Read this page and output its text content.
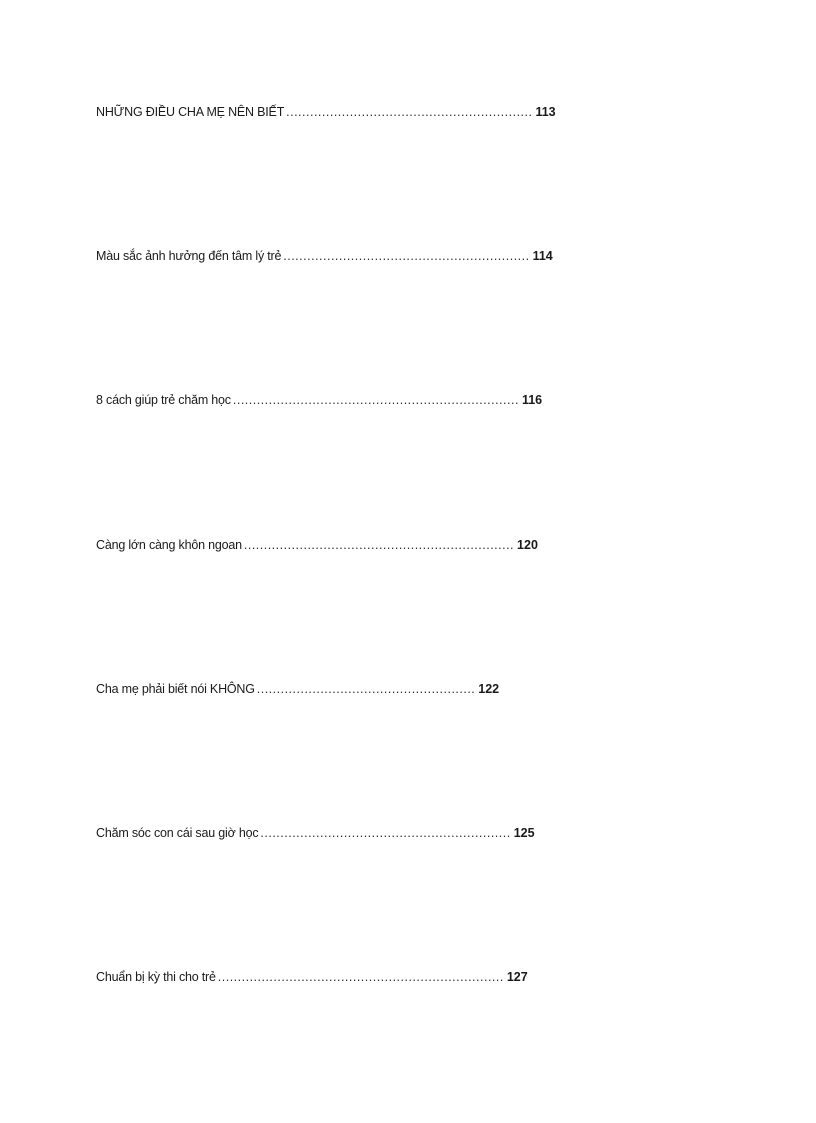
NHỮNG ĐIỀU CHA MẸ NÊN BIẾT .............................................................. 113
Màu sắc ảnh hưởng đến tâm lý trẻ .............................................................. 114
8 cách giúp trẻ chăm học ........................................................................ 116
Càng lớn càng khôn ngoan .................................................................... 120
Cha mẹ phải biết nói KHÔNG ....................................................... 122
Chăm sóc con cái sau giờ học ............................................................... 125
Chuẩn bị kỳ thi cho trẻ ........................................................................ 127
